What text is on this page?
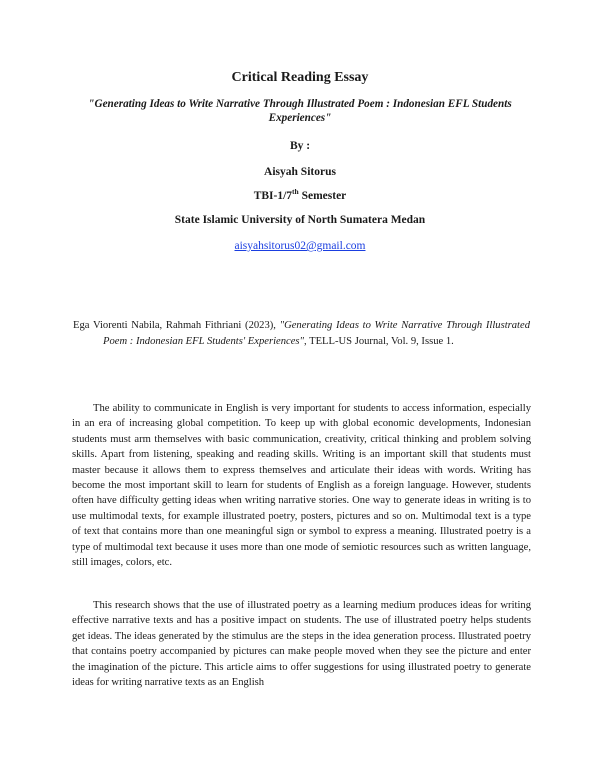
Critical Reading Essay
"Generating Ideas to Write Narrative Through Illustrated Poem : Indonesian EFL Students Experiences"
By :
Aisyah Sitorus
TBI-1/7th Semester
State Islamic University of North Sumatera Medan
aisyahsitorus02@gmail.com
Ega Viorenti Nabila, Rahmah Fithriani (2023), "Generating Ideas to Write Narrative Through Illustrated Poem : Indonesian EFL Students' Experiences", TELL-US Journal, Vol. 9, Issue 1.

The ability to communicate in English is very important for students to access information, especially in an era of increasing global competition. To keep up with global economic developments, Indonesian students must arm themselves with basic communication, creativity, critical thinking and problem solving skills. Apart from listening, speaking and reading skills. Writing is an important skill that students must master because it allows them to express themselves and articulate their ideas with words. Writing has become the most important skill to learn for students of English as a foreign language. However, students often have difficulty getting ideas when writing narrative stories. One way to generate ideas in writing is to use multimodal texts, for example illustrated poetry, posters, pictures and so on. Multimodal text is a type of text that contains more than one meaningful sign or symbol to express a meaning. Illustrated poetry is a type of multimodal text because it uses more than one mode of semiotic resources such as written language, still images, colors, etc.

This research shows that the use of illustrated poetry as a learning medium produces ideas for writing effective narrative texts and has a positive impact on students. The use of illustrated poetry helps students get ideas. The ideas generated by the stimulus are the steps in the idea generation process. Illustrated poetry that contains poetry accompanied by pictures can make people moved when they see the picture and enter the imagination of the picture. This article aims to offer suggestions for using illustrated poetry to generate ideas for writing narrative texts as an English
